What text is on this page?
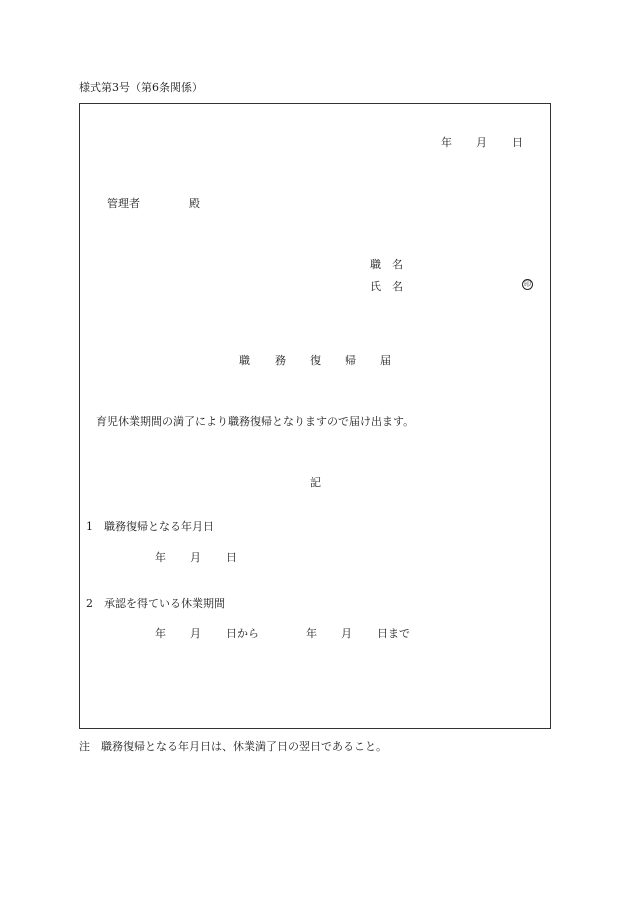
様式第3号（第6条関係）
年 月 日
管理者	殿
職　名
氏　名	印
職 務 復 帰 届
育児休業期間の満了により職務復帰となりますので届け出ます。
記
1　職務復帰となる年月日
年 月 日
2　承認を得ている休業期間
年 月 日から	年 月 日まで
注　職務復帰となる年月日は、休業満了日の翌日であること。
